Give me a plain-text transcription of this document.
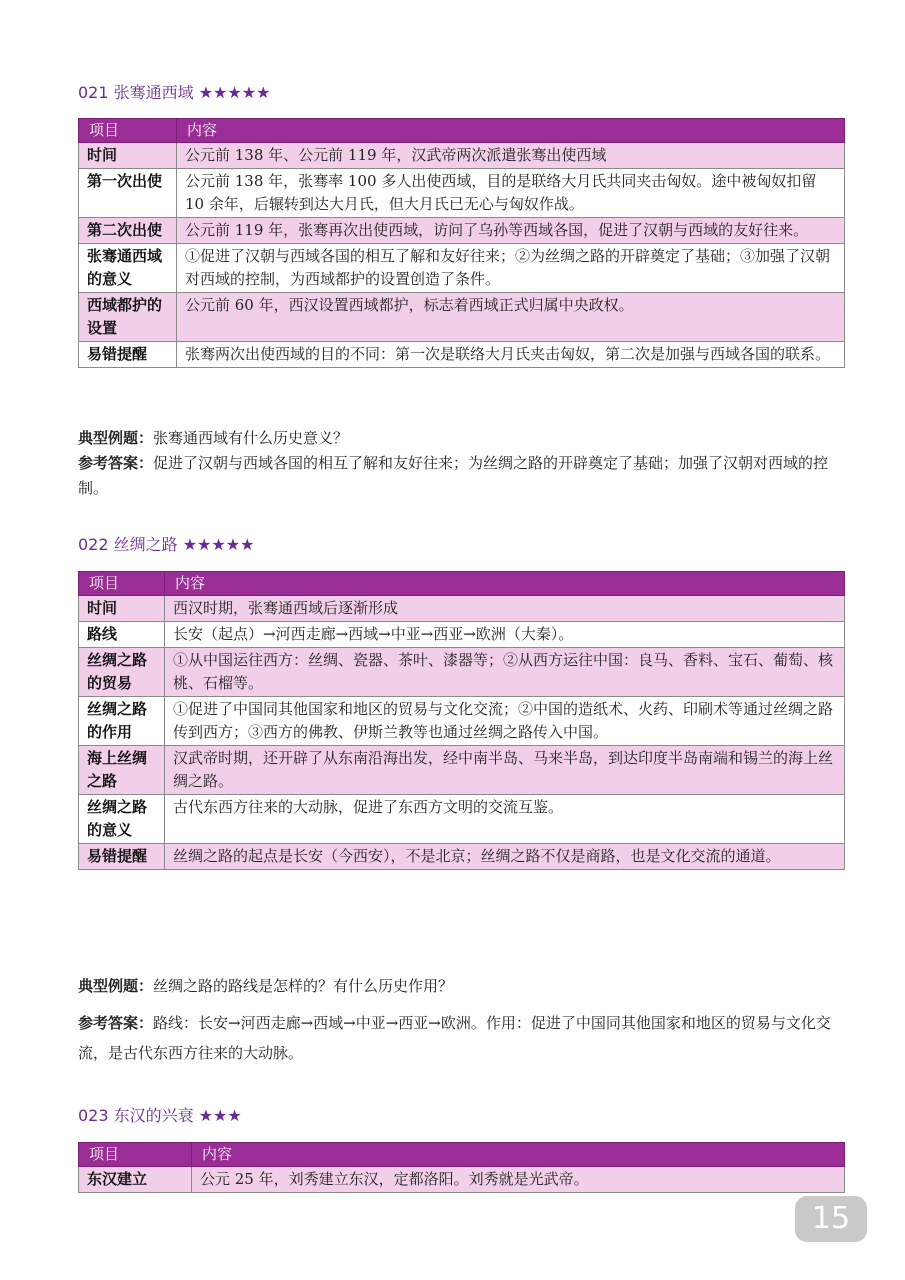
021 张骞通西域 ★★★★★
项目	内容
时间	公元前 138 年、公元前 119 年，汉武帝两次派遣张骞出使西域
第一次出使	公元前 138 年，张骞率 100 多人出使西域，目的是联络大月氏共同夹击匈奴。途中被匈奴扣留 10 余年，后辗转到达大月氏，但大月氏已无心与匈奴作战。
第二次出使	公元前 119 年，张骞再次出使西域，访问了乌孙等西域各国，促进了汉朝与西域的友好往来。
张骞通西域的意义	①促进了汉朝与西域各国的相互了解和友好往来；②为丝绸之路的开辟奠定了基础；③加强了汉朝对西域的控制，为西域都护的设置创造了条件。
西域都护的设置	公元前 60 年，西汉设置西域都护，标志着西域正式归属中央政权。
易错提醒	张骞两次出使西域的目的不同：第一次是联络大月氏夹击匈奴，第二次是加强与西域各国的联系。
典型例题：张骞通西域有什么历史意义？
参考答案：促进了汉朝与西域各国的相互了解和友好往来；为丝绸之路的开辟奠定了基础；加强了汉朝对西域的控制。
022 丝绸之路 ★★★★★
项目	内容
时间	西汉时期，张骞通西域后逐渐形成
路线	长安（起点）→河西走廊→西域→中亚→西亚→欧洲（大秦）。
丝绸之路的贸易	①从中国运往西方：丝绸、瓷器、茶叶、漆器等；②从西方运往中国：良马、香料、宝石、葡萄、核桃、石榴等。
丝绸之路的作用	①促进了中国同其他国家和地区的贸易与文化交流；②中国的造纸术、火药、印刷术等通过丝绸之路传到西方；③西方的佛教、伊斯兰教等也通过丝绸之路传入中国。
海上丝绸之路	汉武帝时期，还开辟了从东南沿海出发，经中南半岛、马来半岛，到达印度半岛南端和锡兰的海上丝绸之路。
丝绸之路的意义	古代东西方往来的大动脉，促进了东西方文明的交流互鉴。
易错提醒	丝绸之路的起点是长安（今西安），不是北京；丝绸之路不仅是商路，也是文化交流的通道。
典型例题：丝绸之路的路线是怎样的？有什么历史作用？
参考答案：路线：长安→河西走廊→西域→中亚→西亚→欧洲。作用：促进了中国同其他国家和地区的贸易与文化交流，是古代东西方往来的大动脉。
023 东汉的兴衰 ★★★
项目	内容
东汉建立	公元 25 年，刘秀建立东汉，定都洛阳。刘秀就是光武帝。
15
